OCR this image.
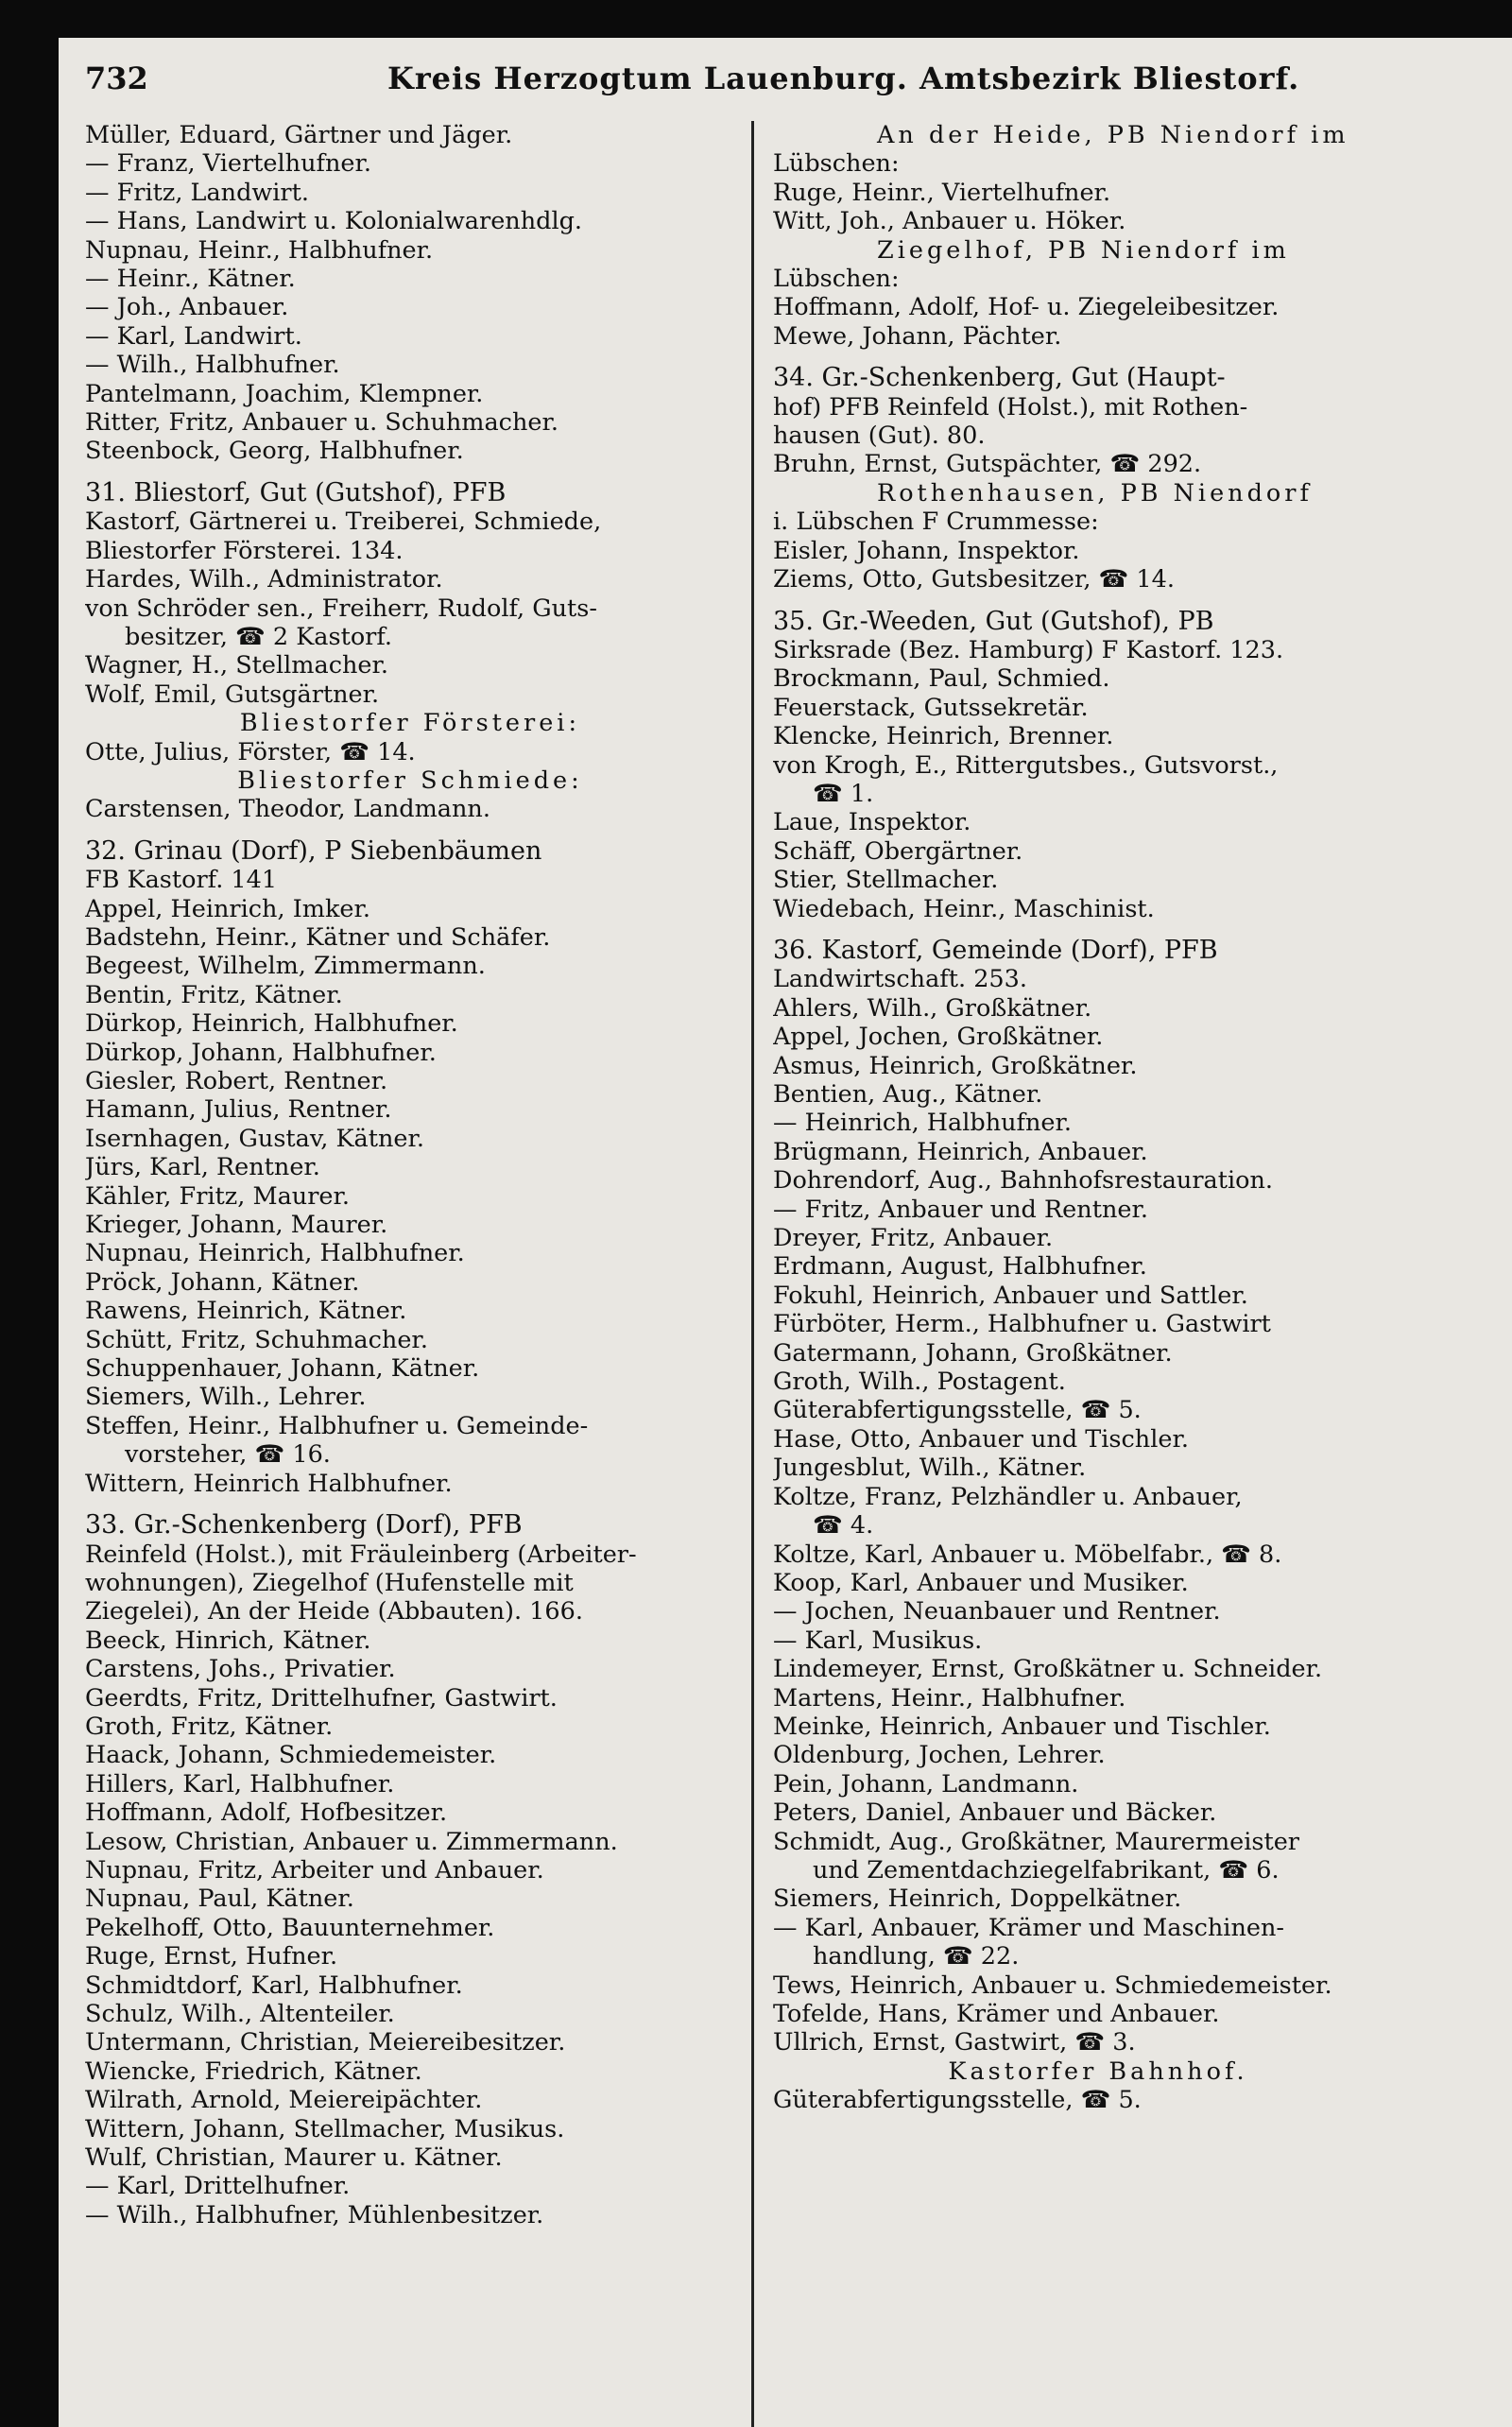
732	Kreis Herzogtum Lauenburg. Amtsbezirk Bliestorf.
Müller, Eduard, Gärtner und Jäger.
— Franz, Viertelhufner.
— Fritz, Landwirt.
— Hans, Landwirt u. Kolonialwarenhdlg.
Nupnau, Heinr., Halbhufner.
— Heinr., Kätner.
— Joh., Anbauer.
— Karl, Landwirt.
— Wilh., Halbhufner.
Pantelmann, Joachim, Klempner.
Ritter, Fritz, Anbauer u. Schuhmacher.
Steenbock, Georg, Halbhufner.
31. Bliestorf, Gut (Gutshof), PFB
Kastorf, Gärtnerei u. Treiberei, Schmiede,
Bliestorfer Försterei. 134.
Hardes, Wilh., Administrator.
von Schröder sen., Freiherr, Rudolf, Guts-
besitzer, ☎ 2 Kastorf.
Wagner, H., Stellmacher.
Wolf, Emil, Gutsgärtner.
Bliestorfer Försterei:
Otte, Julius, Förster, ☎ 14.
Bliestorfer Schmiede:
Carstensen, Theodor, Landmann.
32. Grinau (Dorf), P Siebenbäumen
FB Kastorf. 141
Appel, Heinrich, Imker.
Badstehn, Heinr., Kätner und Schäfer.
Begeest, Wilhelm, Zimmermann.
Bentin, Fritz, Kätner.
Dürkop, Heinrich, Halbhufner.
Dürkop, Johann, Halbhufner.
Giesler, Robert, Rentner.
Hamann, Julius, Rentner.
Isernhagen, Gustav, Kätner.
Jürs, Karl, Rentner.
Kähler, Fritz, Maurer.
Krieger, Johann, Maurer.
Nupnau, Heinrich, Halbhufner.
Pröck, Johann, Kätner.
Rawens, Heinrich, Kätner.
Schütt, Fritz, Schuhmacher.
Schuppenhauer, Johann, Kätner.
Siemers, Wilh., Lehrer.
Steffen, Heinr., Halbhufner u. Gemeinde-
vorsteher, ☎ 16.
Wittern, Heinrich Halbhufner.
33. Gr.-Schenkenberg (Dorf), PFB
Reinfeld (Holst.), mit Fräuleinberg (Arbeiter-
wohnungen), Ziegelhof (Hufenstelle mit
Ziegelei), An der Heide (Abbauten). 166.
Beeck, Hinrich, Kätner.
Carstens, Johs., Privatier.
Geerdts, Fritz, Drittelhufner, Gastwirt.
Groth, Fritz, Kätner.
Haack, Johann, Schmiedemeister.
Hillers, Karl, Halbhufner.
Hoffmann, Adolf, Hofbesitzer.
Lesow, Christian, Anbauer u. Zimmermann.
Nupnau, Fritz, Arbeiter und Anbauer.
Nupnau, Paul, Kätner.
Pekelhoff, Otto, Bauunternehmer.
Ruge, Ernst, Hufner.
Schmidtdorf, Karl, Halbhufner.
Schulz, Wilh., Altenteiler.
Untermann, Christian, Meiereibesitzer.
Wiencke, Friedrich, Kätner.
Wilrath, Arnold, Meiereipächter.
Wittern, Johann, Stellmacher, Musikus.
Wulf, Christian, Maurer u. Kätner.
— Karl, Drittelhufner.
— Wilh., Halbhufner, Mühlenbesitzer.
An der Heide, PB Niendorf im
Lübschen:
Ruge, Heinr., Viertelhufner.
Witt, Joh., Anbauer u. Höker.
Ziegelhof, PB Niendorf im
Lübschen:
Hoffmann, Adolf, Hof- u. Ziegeleibesitzer.
Mewe, Johann, Pächter.
34. Gr.-Schenkenberg, Gut (Haupt-
hof) PFB Reinfeld (Holst.), mit Rothen-
hausen (Gut). 80.
Bruhn, Ernst, Gutspächter, ☎ 292.
Rothenhausen, PB Niendorf
i. Lübschen F Crummesse:
Eisler, Johann, Inspektor.
Ziems, Otto, Gutsbesitzer, ☎ 14.
35. Gr.-Weeden, Gut (Gutshof), PB
Sirksrade (Bez. Hamburg) F Kastorf. 123.
Brockmann, Paul, Schmied.
Feuerstack, Gutssekretär.
Klencke, Heinrich, Brenner.
von Krogh, E., Rittergutsbes., Gutsvorst.,
☎ 1.
Laue, Inspektor.
Schäff, Obergärtner.
Stier, Stellmacher.
Wiedebach, Heinr., Maschinist.
36. Kastorf, Gemeinde (Dorf), PFB
Landwirtschaft. 253.
Ahlers, Wilh., Großkätner.
Appel, Jochen, Großkätner.
Asmus, Heinrich, Großkätner.
Bentien, Aug., Kätner.
— Heinrich, Halbhufner.
Brügmann, Heinrich, Anbauer.
Dohrendorf, Aug., Bahnhofsrestauration.
— Fritz, Anbauer und Rentner.
Dreyer, Fritz, Anbauer.
Erdmann, August, Halbhufner.
Fokuhl, Heinrich, Anbauer und Sattler.
Fürböter, Herm., Halbhufner u. Gastwirt
Gatermann, Johann, Großkätner.
Groth, Wilh., Postagent.
Güterabfertigungsstelle, ☎ 5.
Hase, Otto, Anbauer und Tischler.
Jungesblut, Wilh., Kätner.
Koltze, Franz, Pelzhändler u. Anbauer,
☎ 4.
Koltze, Karl, Anbauer u. Möbelfabr., ☎ 8.
Koop, Karl, Anbauer und Musiker.
— Jochen, Neuanbauer und Rentner.
— Karl, Musikus.
Lindemeyer, Ernst, Großkätner u. Schneider.
Martens, Heinr., Halbhufner.
Meinke, Heinrich, Anbauer und Tischler.
Oldenburg, Jochen, Lehrer.
Pein, Johann, Landmann.
Peters, Daniel, Anbauer und Bäcker.
Schmidt, Aug., Großkätner, Maurermeister
und Zementdachziegelfabrikant, ☎ 6.
Siemers, Heinrich, Doppelkätner.
— Karl, Anbauer, Krämer und Maschinen-
handlung, ☎ 22.
Tews, Heinrich, Anbauer u. Schmiedemeister.
Tofelde, Hans, Krämer und Anbauer.
Ullrich, Ernst, Gastwirt, ☎ 3.
Kastorfer Bahnhof.
Güterabfertigungsstelle, ☎ 5.
